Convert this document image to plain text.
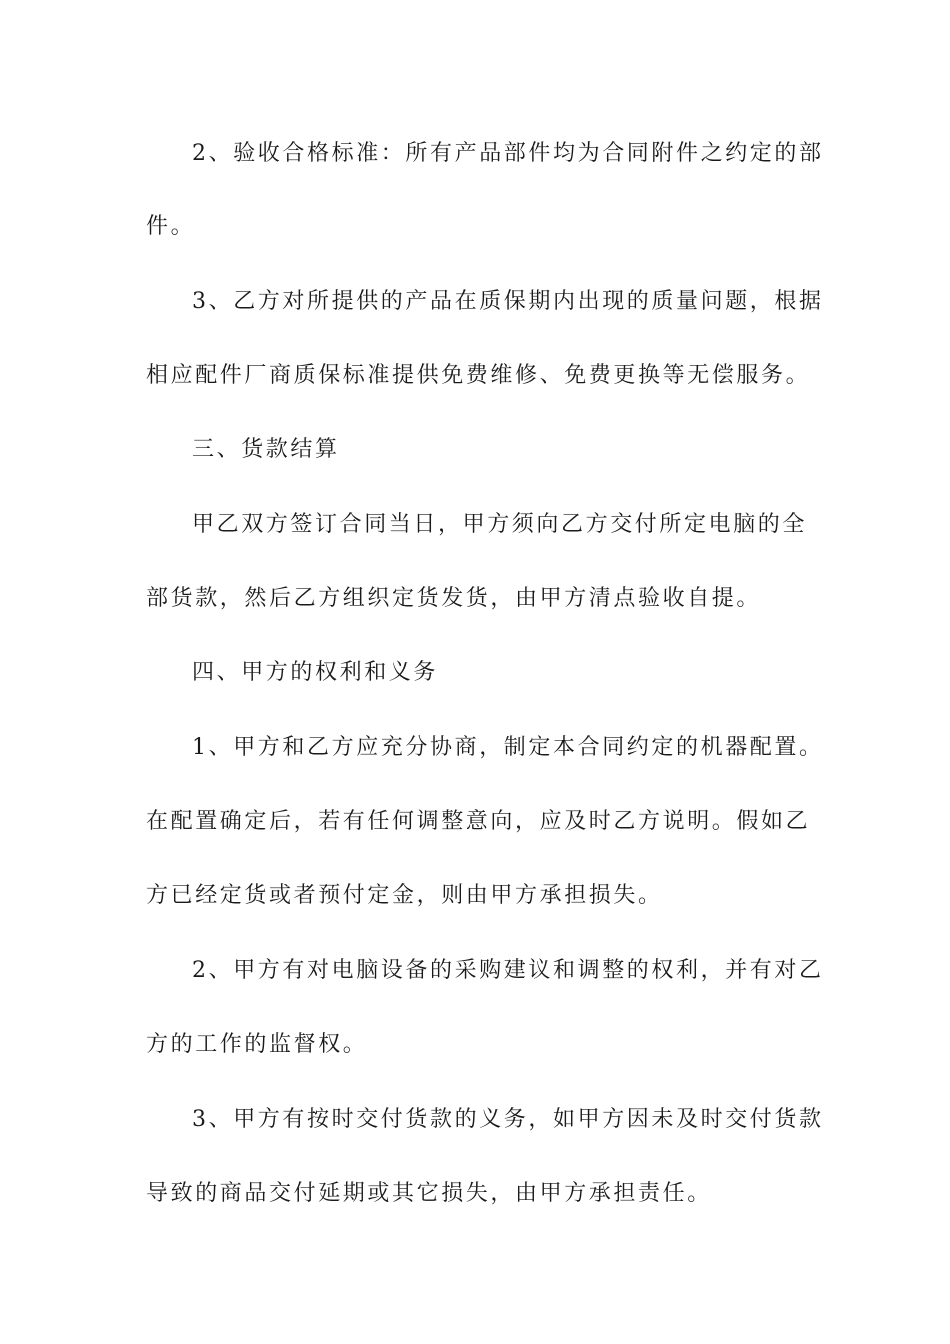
2、验收合格标准：所有产品部件均为合同附件之约定的部

件。

3、乙方对所提供的产品在质保期内出现的质量问题，根据

相应配件厂商质保标准提供免费维修、免费更换等无偿服务。

三、货款结算

甲乙双方签订合同当日，甲方须向乙方交付所定电脑的全

部货款，然后乙方组织定货发货，由甲方清点验收自提。

四、甲方的权利和义务

1、甲方和乙方应充分协商，制定本合同约定的机器配置。

在配置确定后，若有任何调整意向，应及时乙方说明。假如乙

方已经定货或者预付定金，则由甲方承担损失。

2、甲方有对电脑设备的采购建议和调整的权利，并有对乙

方的工作的监督权。

3、甲方有按时交付货款的义务，如甲方因未及时交付货款

导致的商品交付延期或其它损失，由甲方承担责任。
